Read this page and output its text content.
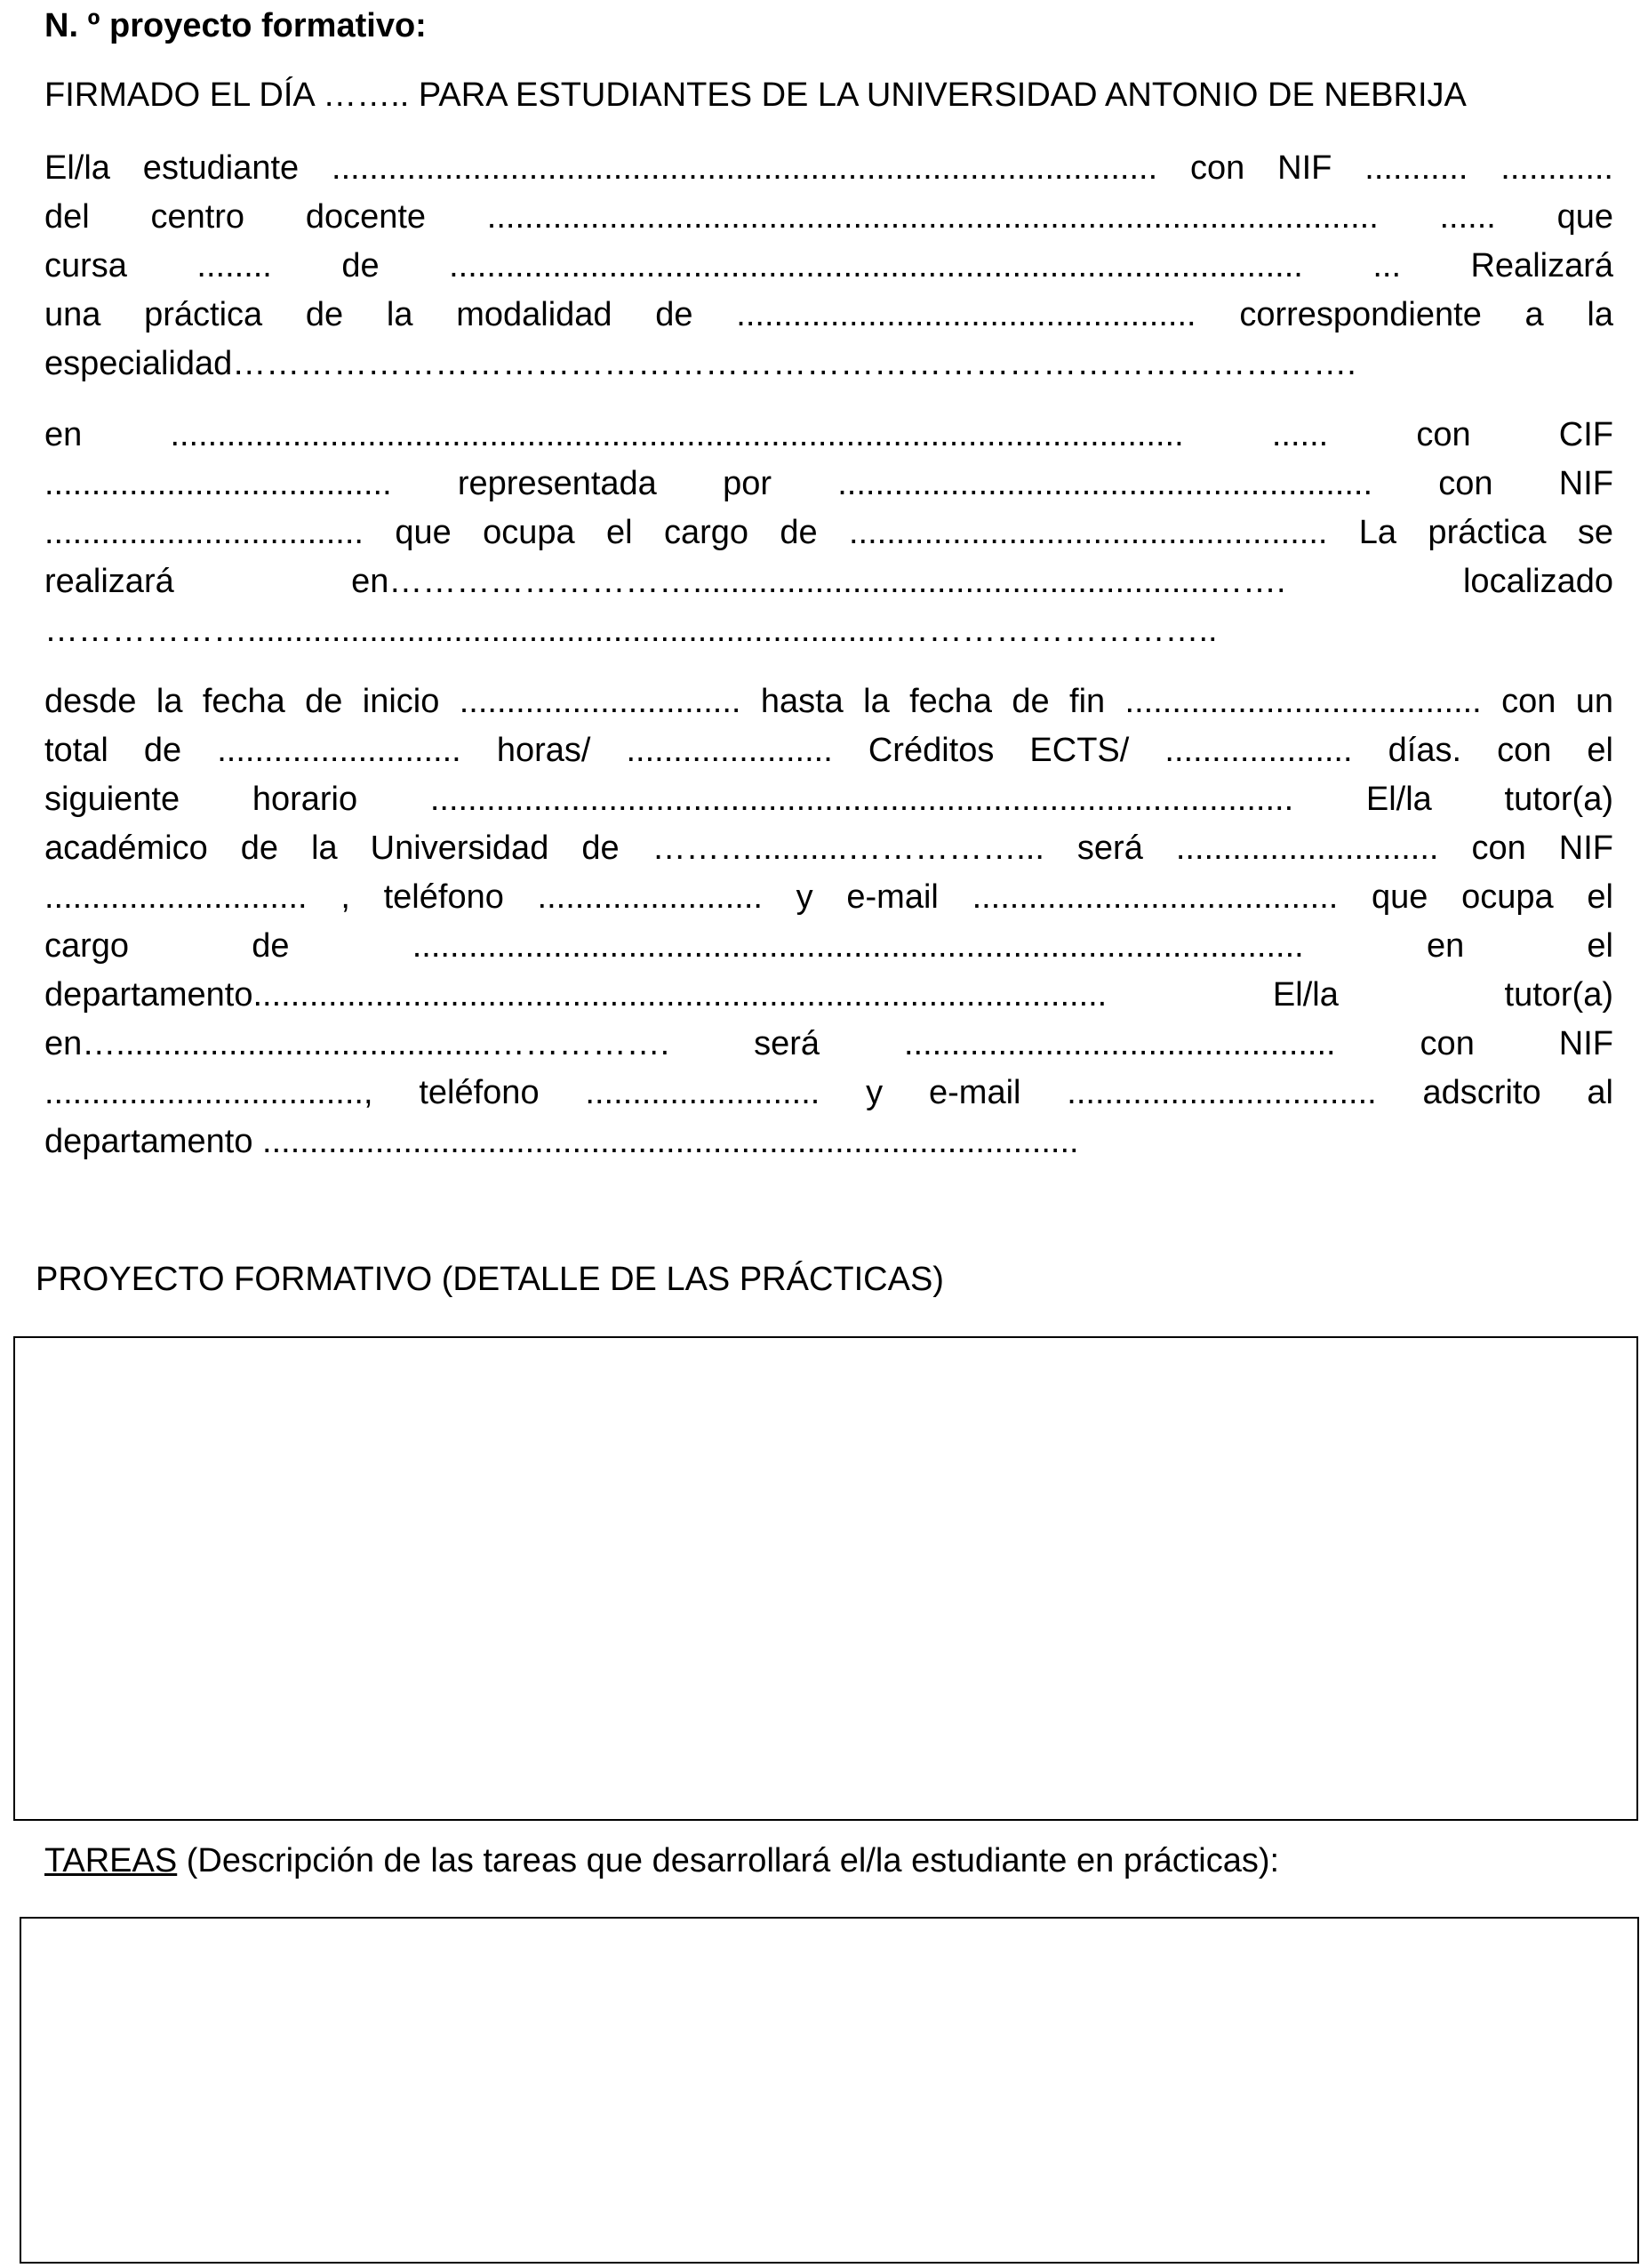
N. º proyecto formativo:

FIRMADO EL DÍA …….. PARA ESTUDIANTES DE LA UNIVERSIDAD ANTONIO DE NEBRIJA

El/la estudiante ........................................................................................ con NIF ........... ............
del centro docente ............................................................................................... ...... que
cursa ........ de ........................................................................................... ... Realizará
una práctica de la modalidad de ................................................. correspondiente a la
especialidad……………………………………………………………………………………….
en ............................................................................................................ ...... con CIF
..................................... representada por ......................................................... con NIF
.................................. que ocupa el cargo de ................................................... La práctica se
realizará en……………………….......................................................……. localizado
……………….....................................................................………………………..
desde la fecha de inicio .............................. hasta la fecha de fin ...................................... con un
total de .......................... horas/ ...................... Créditos ECTS/ .................... días. con el
siguiente horario ............................................................................................ El/la tutor(a)
académico de la Universidad de ………..........……………... será ............................ con NIF
............................ , teléfono ........................ y e-mail ....................................... que ocupa el
cargo de ............................................................................................... en el
departamento........................................................................................... El/la tutor(a)
en…........................................……………. será .............................................. con NIF
.................................., teléfono ......................... y e-mail ................................. adscrito al
departamento .......................................................................................

PROYECTO FORMATIVO (DETALLE DE LAS PRÁCTICAS)

TAREAS (Descripción de las tareas que desarrollará el/la estudiante en prácticas):
